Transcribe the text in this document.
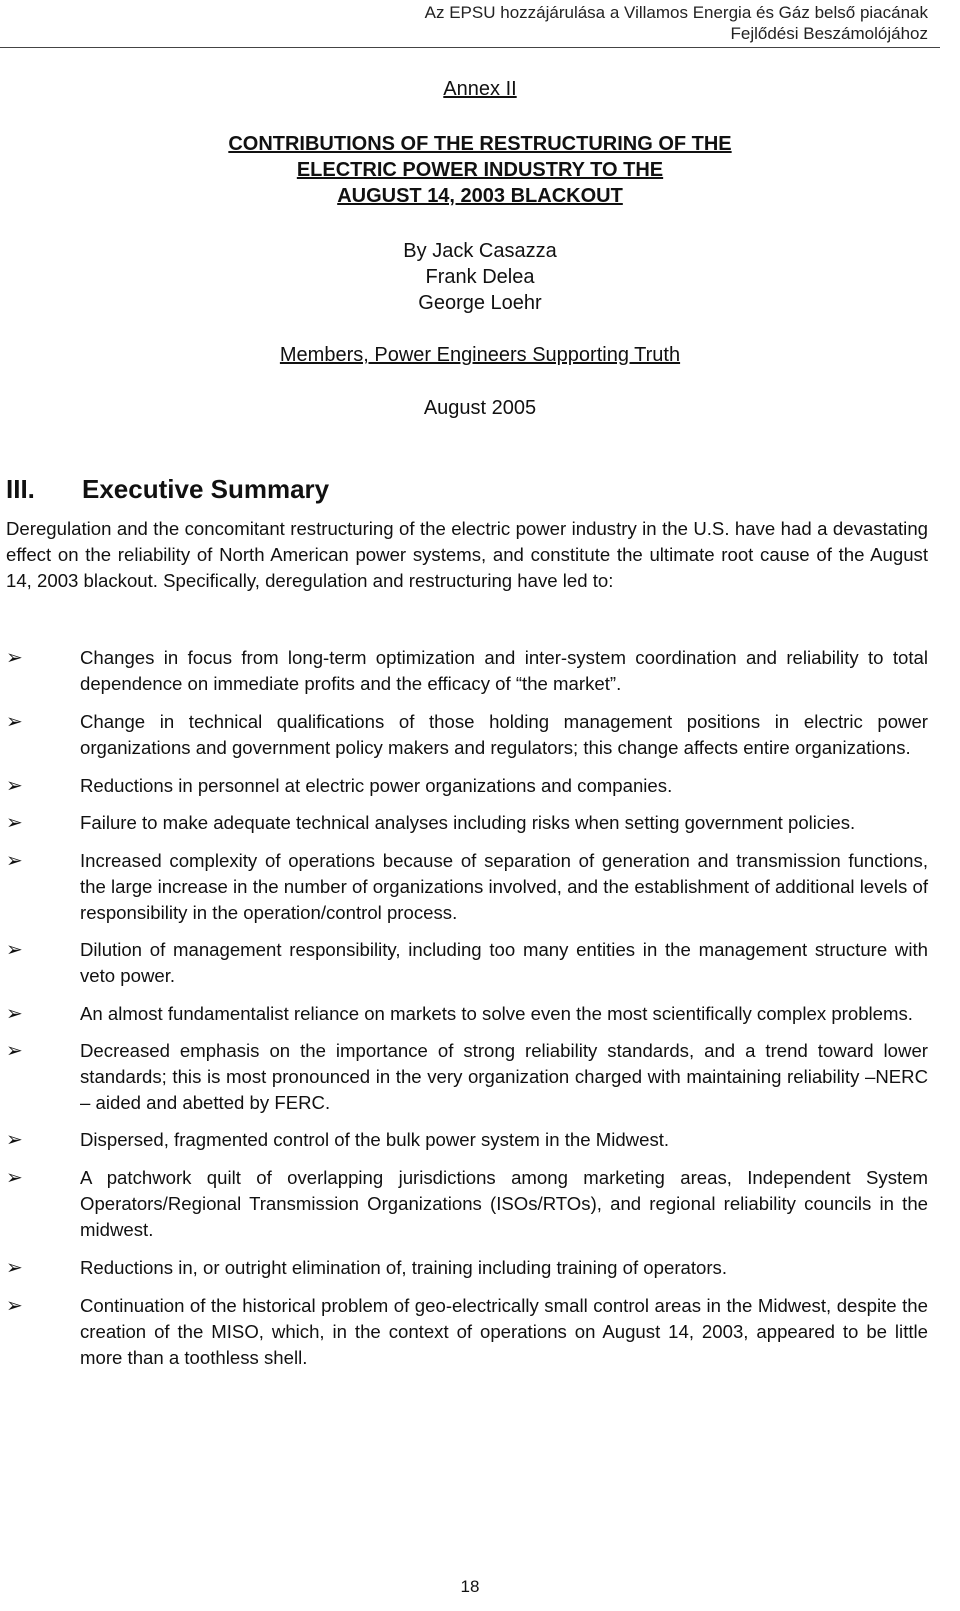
Az EPSU hozzájárulása a Villamos Energia és Gáz belső piacának
Fejlődési Beszámolójához
Annex II
CONTRIBUTIONS OF THE RESTRUCTURING OF THE
ELECTRIC POWER INDUSTRY TO THE
AUGUST 14, 2003 BLACKOUT
By Jack Casazza
Frank Delea
George Loehr
Members, Power Engineers Supporting Truth
August 2005
III. Executive Summary
Deregulation and the concomitant restructuring of the electric power industry in the U.S. have had a devastating effect on the reliability of North American power systems, and constitute the ultimate root cause of the August 14, 2003 blackout. Specifically, deregulation and restructuring have led to:
➢	Changes in focus from long-term optimization and inter-system coordination and reliability to total dependence on immediate profits and the efficacy of “the market”.
➢	Change in technical qualifications of those holding management positions in electric power organizations and government policy makers and regulators; this change affects entire organizations.
➢	Reductions in personnel at electric power organizations and companies.
➢	Failure to make adequate technical analyses including risks when setting government policies.
➢	Increased complexity of operations because of separation of generation and transmission functions, the large increase in the number of organizations involved, and the establishment of additional levels of responsibility in the operation/control process.
➢	Dilution of management responsibility, including too many entities in the management structure with veto power.
➢	An almost fundamentalist reliance on markets to solve even the most scientifically complex problems.
➢	Decreased emphasis on the importance of strong reliability standards, and a trend toward lower standards; this is most pronounced in the very organization charged with maintaining reliability –NERC – aided and abetted by FERC.
➢	Dispersed, fragmented control of the bulk power system in the Midwest.
➢	A patchwork quilt of overlapping jurisdictions among marketing areas, Independent System Operators/Regional Transmission Organizations (ISOs/RTOs), and regional reliability councils in the midwest.
➢	Reductions in, or outright elimination of, training including training of operators.
➢	Continuation of the historical problem of geo-electrically small control areas in the Midwest, despite the creation of the MISO, which, in the context of operations on August 14, 2003, appeared to be little more than a toothless shell.
18
